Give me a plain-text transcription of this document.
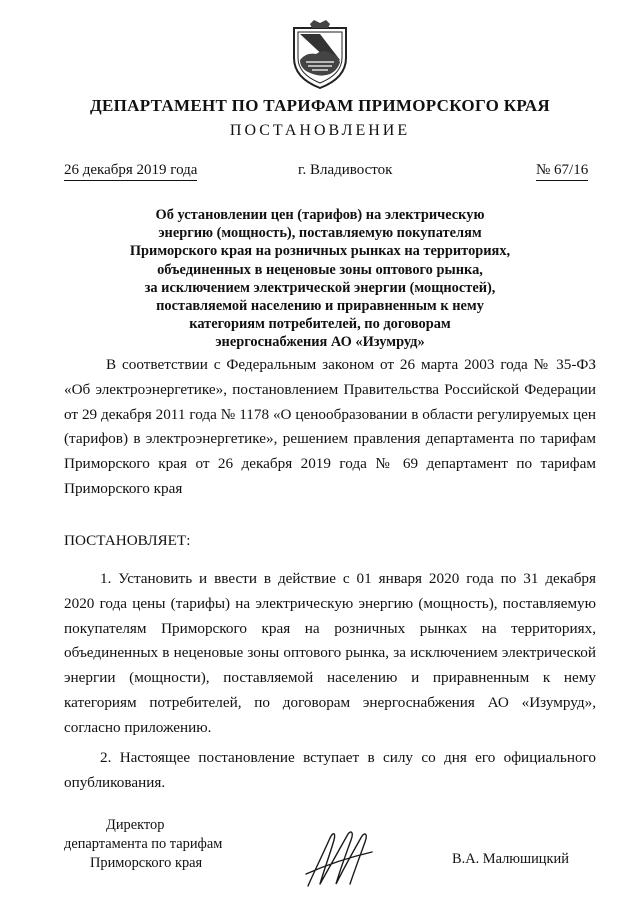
ДЕПАРТАМЕНТ ПО ТАРИФАМ ПРИМОРСКОГО КРАЯ
ПОСТАНОВЛЕНИЕ
26 декабря 2019 года	г. Владивосток	№ 67/16
Об установлении цен (тарифов) на электрическую
энергию (мощность), поставляемую покупателям
Приморского края на розничных рынках на территориях,
объединенных в неценовые зоны оптового рынка,
за исключением электрической энергии (мощностей),
поставляемой населению и приравненным к нему
категориям потребителей, по договорам
энергоснабжения АО «Изумруд»
В соответствии с Федеральным законом от 26 марта 2003 года № 35-ФЗ
«Об электроэнергетике», постановлением Правительства Российской Федерации
от 29 декабря 2011 года № 1178 «О ценообразовании в области регулируемых цен
(тарифов) в электроэнергетике», решением правления департамента по тарифам
Приморского края от 26 декабря 2019 года № 69 департамент по тарифам
Приморского края
ПОСТАНОВЛЯЕТ:
1. Установить и ввести в действие с 01 января 2020 года по 31 декабря
2020 года цены (тарифы) на электрическую энергию (мощность), поставляемую
покупателям Приморского края на розничных рынках на территориях,
объединенных в неценовые зоны оптового рынка, за исключением электрической
энергии (мощности), поставляемой населению и приравненным к нему
категориям потребителей, по договорам энергоснабжения АО «Изумруд»,
согласно приложению.
2. Настоящее постановление вступает в силу со дня его официального
опубликования.
Директор
департамента по тарифам
Приморского края	В.А. Малюшицкий
